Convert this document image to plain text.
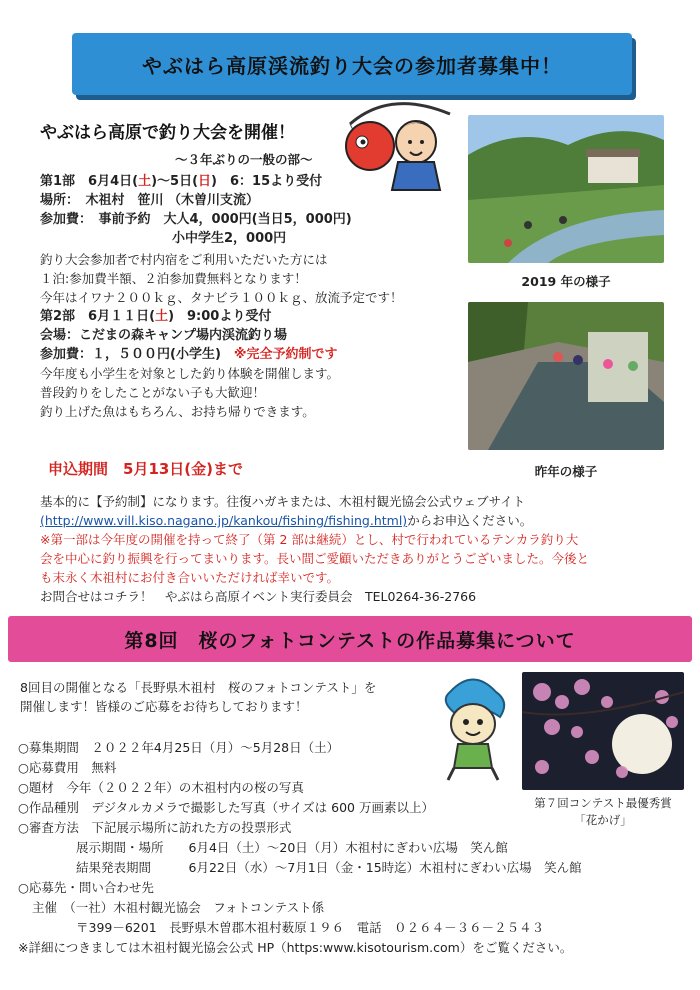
やぶはら高原渓流釣り大会の参加者募集中！
やぶはら高原で釣り大会を開催！
～３年ぶりの一般の部～
第1部　6月4日(土)～5日(日)　6：15より受付
場所：　木祖村　笹川 （木曽川支流）
参加費：　事前予約　大人4，000円(当日5，000円)
小中学生2，000円
釣り大会参加者で村内宿をご利用いただいた方には
１泊:参加費半額、２泊参加費無料となります！
今年はイワナ２００ｋｇ、タナビラ１００ｋｇ、放流予定です！
第2部　6月１１日(土)　9:00より受付
会場：こだまの森キャンプ場内渓流釣り場
参加費：１，５００円(小学生)　 ※完全予約制です
今年度も小学生を対象とした釣り体験を開催します。
普段釣りをしたことがない子も大歓迎！
釣り上げた魚はもちろん、お持ち帰りできます。
申込期間　5月13日(金)まで
2019 年の様子
昨年の様子
基本的に【予約制】になります。往復ハガキまたは、木祖村観光協会公式ウェブサイト
(http://www.vill.kiso.nagano.jp/kankou/fishing/fishing.html)からお申込ください。
※第一部は今年度の開催を持って終了（第 2 部は継続）とし、村で行われているテンカラ釣り大
会を中心に釣り振興を行ってまいります。長い間ご愛顧いただきありがとうございました。今後と
も末永く木祖村にお付き合いいただければ幸いです。
お問合せはコチラ！　やぶはら高原イベント実行委員会　TEL0264-36-2766
第8回　桜のフォトコンテストの作品募集について
8回目の開催となる「長野県木祖村　桜のフォトコンテスト」を
開催します！皆様のご応募をお待ちしております！
第７回コンテスト最優秀賞
「花かげ」
○募集期間　２０２２年4月25日（月）～5月28日（土）
○応募費用　無料
○題材　今年（２０２２年）の木祖村内の桜の写真
○作品種別　デジタルカメラで撮影した写真（サイズは 600 万画素以上）
○審査方法　下記展示場所に訪れた方の投票形式
展示期間・場所　　6月4日（土）～20日（月）木祖村にぎわい広場　笑ん館
結果発表期間　　　6月22日（水）～7月1日（金・15時迄）木祖村にぎわい広場　笑ん館
○応募先・問い合わせ先
主催　（一社）木祖村観光協会　フォトコンテスト係
〒399－6201　長野県木曽郡木祖村薮原１９６　電話　０２６４－３６－２５４３
※詳細につきましては木祖村観光協会公式 HP（https:www.kisotourism.com）をご覧ください。
